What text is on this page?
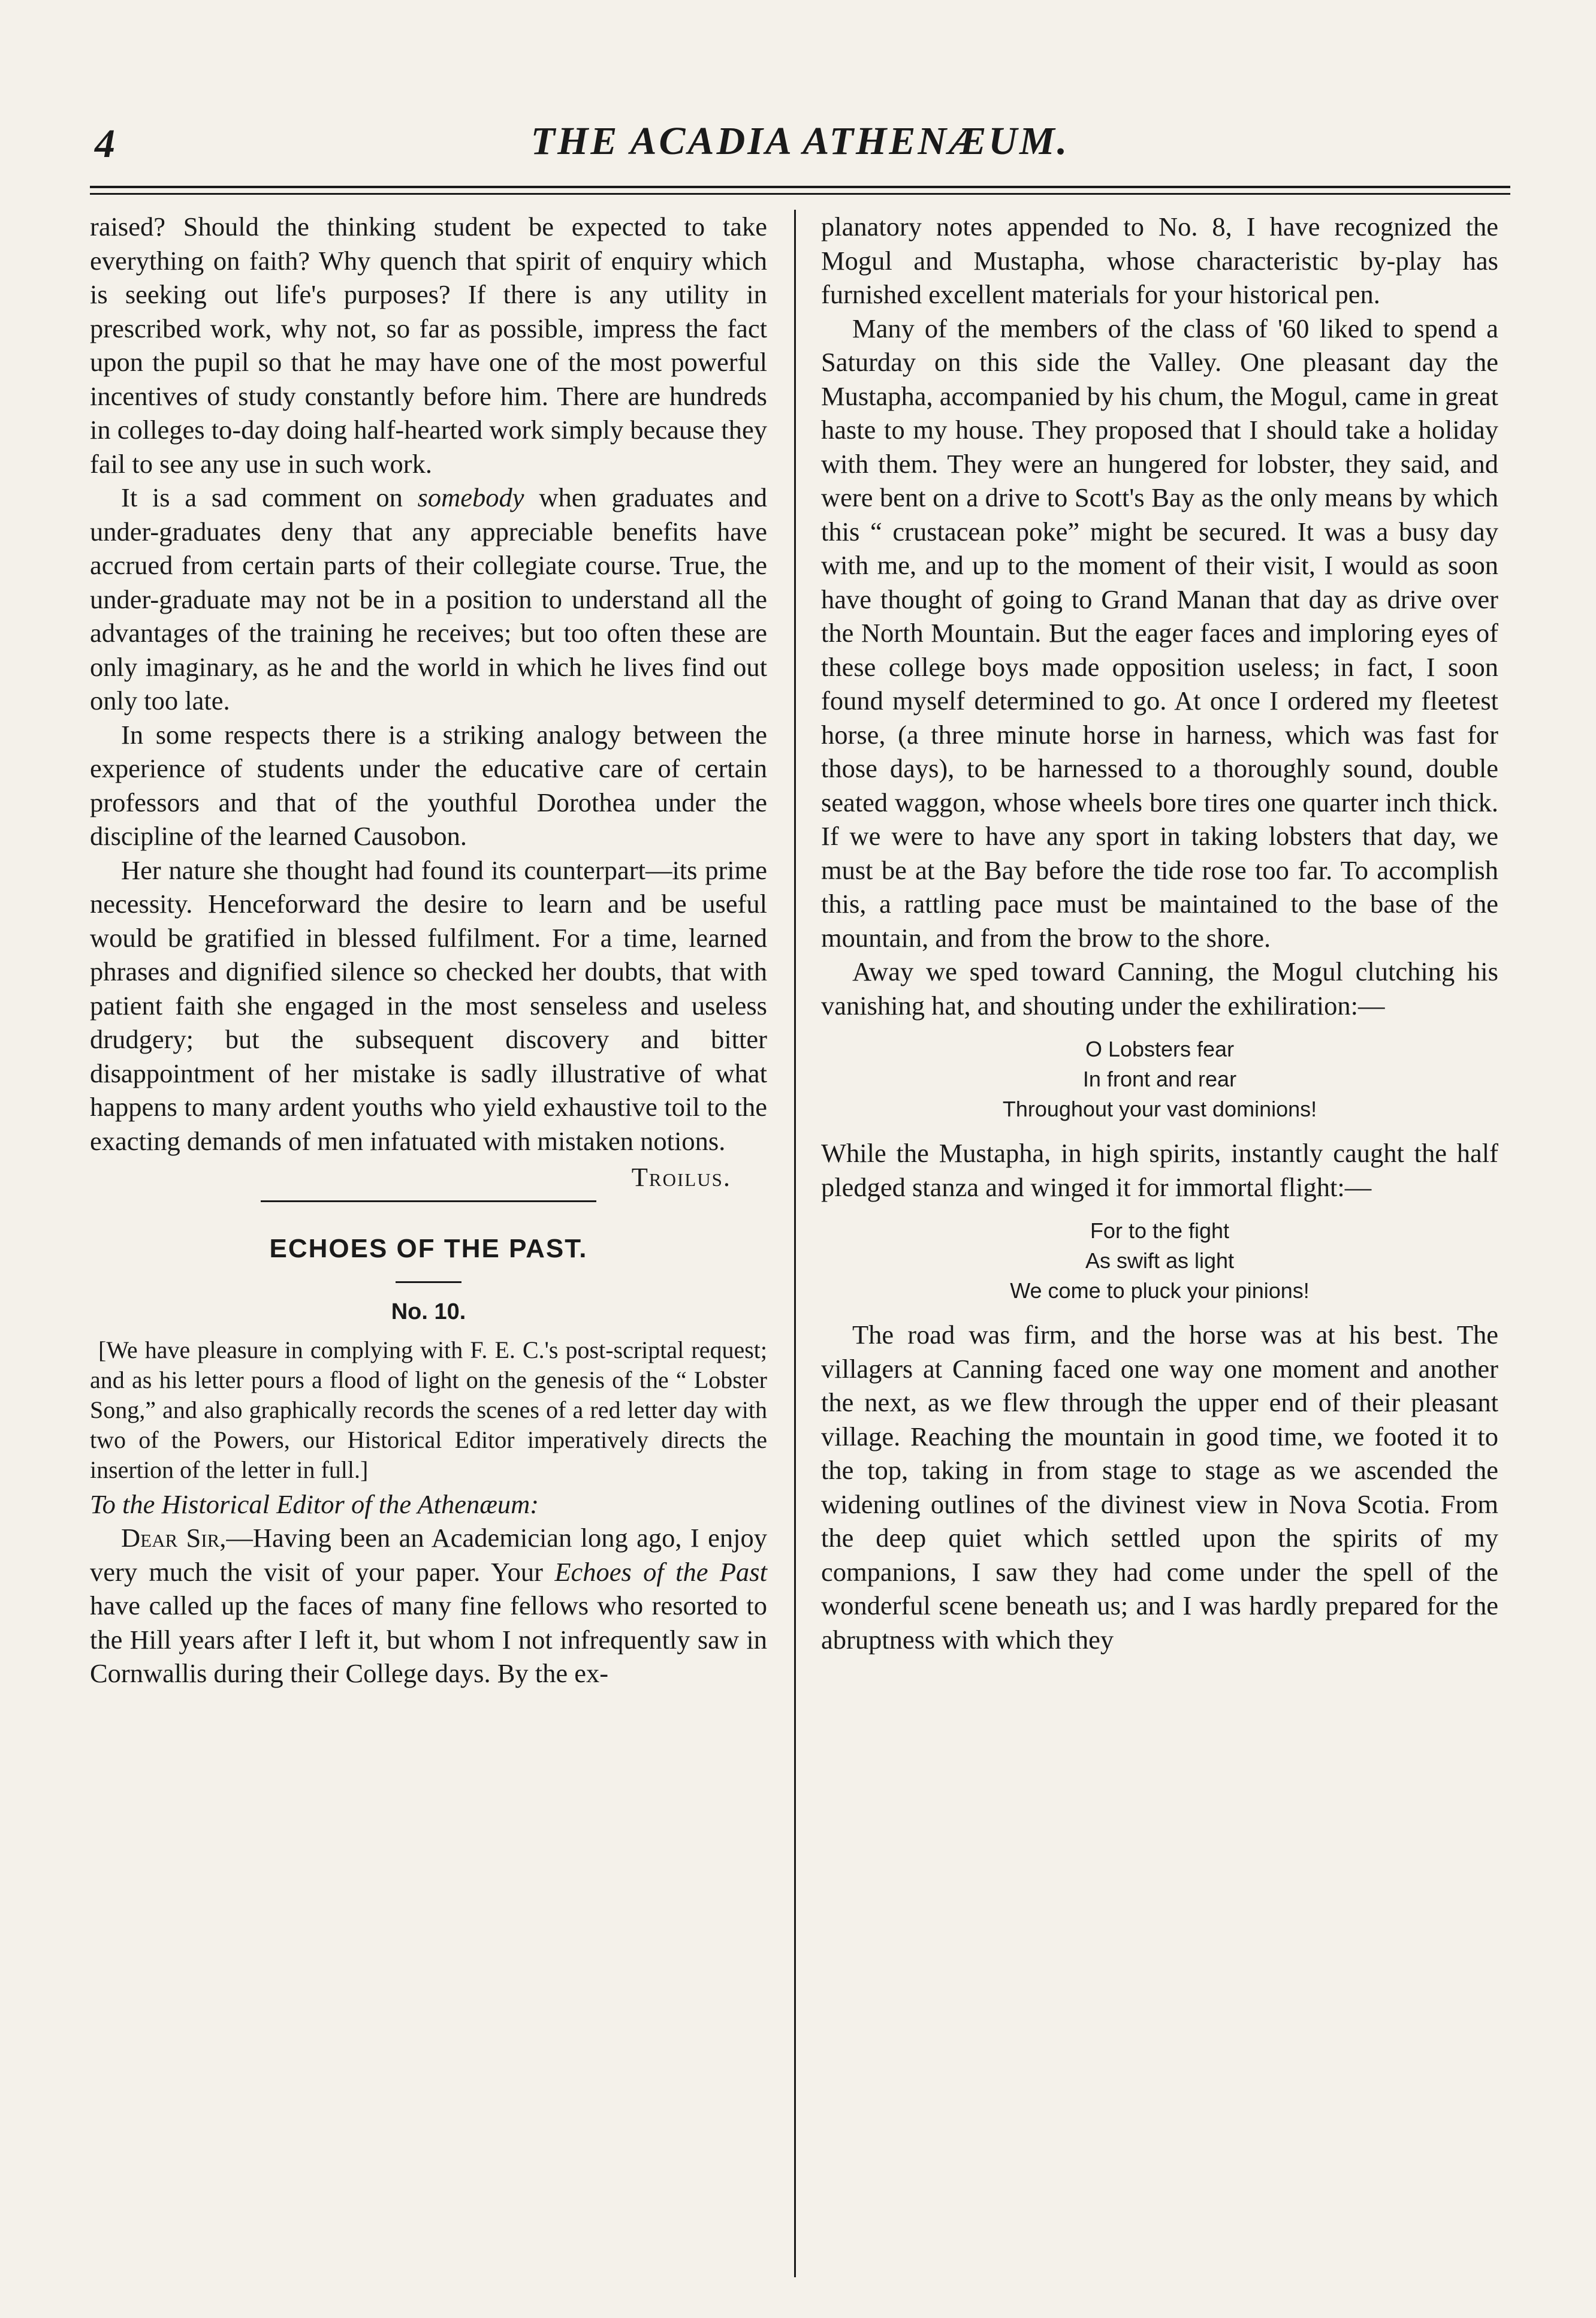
4	THE ACADIA ATHENÆUM.

raised? Should the thinking student be expected to take everything on faith? Why quench that spirit of enquiry which is seeking out life's purposes? If there is any utility in prescribed work, why not, so far as possible, impress the fact upon the pupil so that he may have one of the most powerful incentives of study constantly before him. There are hundreds in colleges to-day doing half-hearted work simply because they fail to see any use in such work.

It is a sad comment on somebody when graduates and under-graduates deny that any appreciable benefits have accrued from certain parts of their collegiate course. True, the under-graduate may not be in a position to understand all the advantages of the training he receives; but too often these are only imaginary, as he and the world in which he lives find out only too late.

In some respects there is a striking analogy between the experience of students under the educative care of certain professors and that of the youthful Dorothea under the discipline of the learned Causobon.

Her nature she thought had found its counterpart—its prime necessity. Henceforward the desire to learn and be useful would be gratified in blessed fulfilment. For a time, learned phrases and dignified silence so checked her doubts, that with patient faith she engaged in the most senseless and useless drudgery; but the subsequent discovery and bitter disappointment of her mistake is sadly illustrative of what happens to many ardent youths who yield exhaustive toil to the exacting demands of men infatuated with mistaken notions.

Troilus.

ECHOES OF THE PAST.

No. 10.

[We have pleasure in complying with F. E. C.'s post-scriptal request; and as his letter pours a flood of light on the genesis of the “ Lobster Song,” and also graphically records the scenes of a red letter day with two of the Powers, our Historical Editor imperatively directs the insertion of the letter in full.]

To the Historical Editor of the Athenæum:

Dear Sir,—Having been an Academician long ago, I enjoy very much the visit of your paper. Your Echoes of the Past have called up the faces of many fine fellows who resorted to the Hill years after I left it, but whom I not infrequently saw in Cornwallis during their College days. By the ex-

planatory notes appended to No. 8, I have recognized the Mogul and Mustapha, whose characteristic by-play has furnished excellent materials for your historical pen.

Many of the members of the class of '60 liked to spend a Saturday on this side the Valley. One pleasant day the Mustapha, accompanied by his chum, the Mogul, came in great haste to my house. They proposed that I should take a holiday with them. They were an hungered for lobster, they said, and were bent on a drive to Scott's Bay as the only means by which this “ crustacean poke” might be secured. It was a busy day with me, and up to the moment of their visit, I would as soon have thought of going to Grand Manan that day as drive over the North Mountain. But the eager faces and imploring eyes of these college boys made opposition useless; in fact, I soon found myself determined to go. At once I ordered my fleetest horse, (a three minute horse in harness, which was fast for those days), to be harnessed to a thoroughly sound, double seated waggon, whose wheels bore tires one quarter inch thick. If we were to have any sport in taking lobsters that day, we must be at the Bay before the tide rose too far. To accomplish this, a rattling pace must be maintained to the base of the mountain, and from the brow to the shore.

Away we sped toward Canning, the Mogul clutching his vanishing hat, and shouting under the exhiliration:—

O Lobsters fear
In front and rear
Throughout your vast dominions!

While the Mustapha, in high spirits, instantly caught the half pledged stanza and winged it for immortal flight:—

For to the fight
As swift as light
We come to pluck your pinions!

The road was firm, and the horse was at his best. The villagers at Canning faced one way one moment and another the next, as we flew through the upper end of their pleasant village. Reaching the mountain in good time, we footed it to the top, taking in from stage to stage as we ascended the widening outlines of the divinest view in Nova Scotia. From the deep quiet which settled upon the spirits of my companions, I saw they had come under the spell of the wonderful scene beneath us; and I was hardly prepared for the abruptness with which they
